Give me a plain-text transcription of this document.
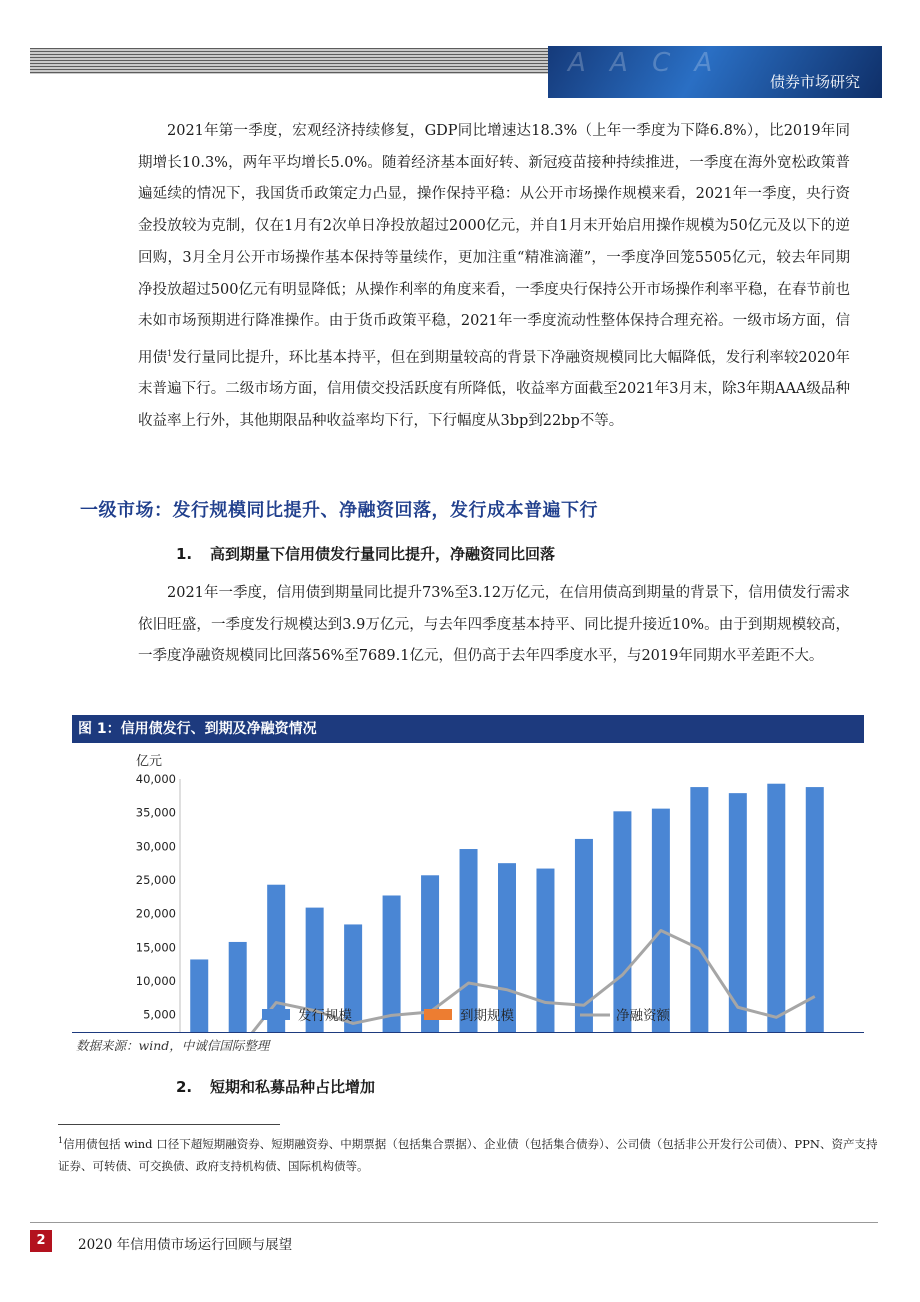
A A C A
债券市场研究

2021年第一季度，宏观经济持续修复，GDP同比增速达18.3%（上年一季度为下降6.8%），比2019年同期增长10.3%，两年平均增长5.0%。随着经济基本面好转、新冠疫苗接种持续推进，一季度在海外宽松政策普遍延续的情况下，我国货币政策定力凸显，操作保持平稳：从公开市场操作规模来看，2021年一季度，央行资金投放较为克制，仅在1月有2次单日净投放超过2000亿元，并自1月末开始启用操作规模为50亿元及以下的逆回购，3月全月公开市场操作基本保持等量续作，更加注重“精准滴灌”，一季度净回笼5505亿元，较去年同期净投放超过500亿元有明显降低；从操作利率的角度来看，一季度央行保持公开市场操作利率平稳，在春节前也未如市场预期进行降准操作。由于货币政策平稳，2021年一季度流动性整体保持合理充裕。一级市场方面，信用债$^1$发行量同比提升，环比基本持平，但在到期量较高的背景下净融资规模同比大幅降低，发行利率较2020年末普遍下行。二级市场方面，信用债交投活跃度有所降低，收益率方面截至2021年3月末，除3年期AAA级品种收益率上行外，其他期限品种收益率均下行，下行幅度从3bp到22bp不等。

一级市场：发行规模同比提升、净融资回落，发行成本普遍下行
1. 高到期量下信用债发行量同比提升，净融资同比回落

2021年一季度，信用债到期量同比提升73%至3.12万亿元，在信用债高到期量的背景下，信用债发行需求依旧旺盛，一季度发行规模达到3.9万亿元，与去年四季度基本持平、同比提升接近10%。由于到期规模较高，一季度净融资规模同比回落56%至7689.1亿元，但仍高于去年四季度水平，与2019年同期水平差距不大。

图 1：信用债发行、到期及净融资情况
亿元
40,000
35,000
30,000
25,000
20,000
15,000
10,000
5,000	发行规模	到期规模	净融资额
数据来源：wind，中诚信国际整理
2. 短期和私募品种占比增加

$^1$信用债包括 wind 口径下超短期融资券、短期融资券、中期票据（包括集合票据）、企业债（包括集合债券）、公司债（包括非公开发行公司债）、PPN、资产支持证券、可转债、可交换债、政府支持机构债、国际机构债等。

2	2020 年信用债市场运行回顾与展望
